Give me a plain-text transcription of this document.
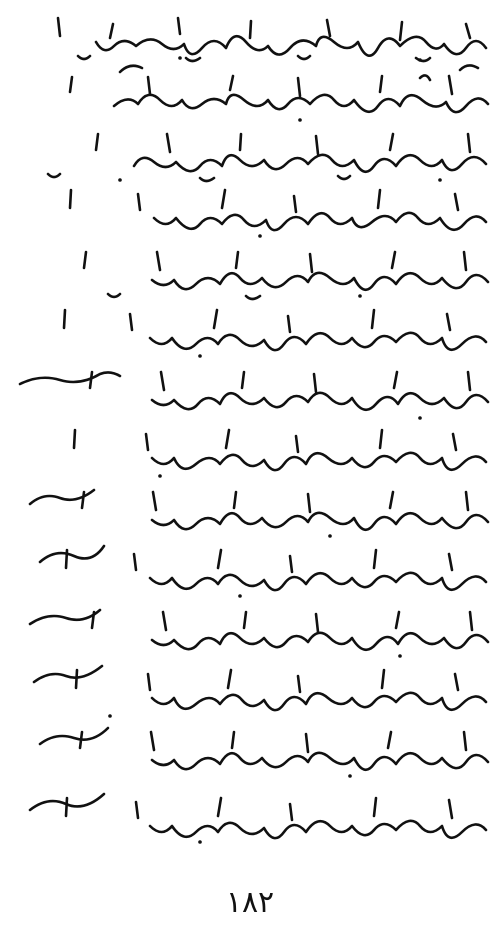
١٨٢
